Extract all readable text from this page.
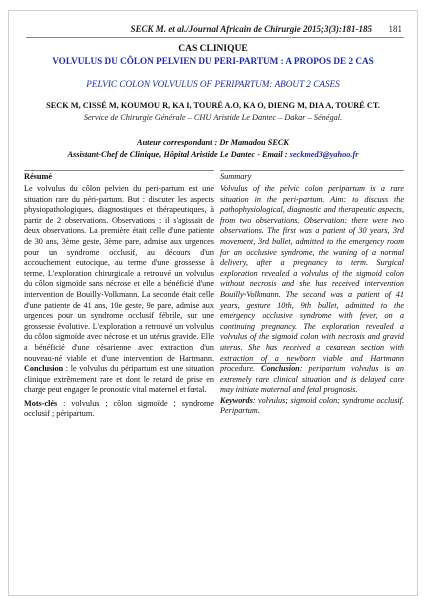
SECK M. et al./Journal Africain de Chirurgie 2015;3(3):181-185 181
CAS CLINIQUE
VOLVULUS DU CÔLON PELVIEN DU PERI-PARTUM : A PROPOS DE 2 CAS
PELVIC COLON VOLVULUS OF PERIPARTUM: ABOUT 2 CASES
SECK M, CISSÉ M, KOUMOU R, KA I, TOURÉ A.O, KA O, DIENG M, DIA A, TOURÉ CT.
Service de Chirurgie Générale – CHU Aristide Le Dantec – Dakar – Sénégal.
Auteur correspondant : Dr Mamadou SECK
Assistant-Chef de Clinique, Hôpital Aristide Le Dantec - Email : seckmed3@yahoo.fr
Résumé	Summary

Le volvulus du côlon pelvien du peri-partum est une situation rare du péri-partum. But : discuter les aspects physiopathologiques, diagnostiques et thérapeutiques, à partir de 2 observations. Observations : il s'agissait de deux observations. La première était celle d'une patiente de 30 ans, 3ème geste, 3ème pare, admise aux urgences pour un syndrome occlusif, au décours d'un accouchement eutocique, au terme d'une grossesse à terme. L'exploration chirurgicale a retrouvé un volvulus du côlon sigmoïde sans nécrose et elle a bénéficié d'une intervention de Bouilly-Volkmann. La seconde était celle d'une patiente de 41 ans, 10e geste, 9e pare, admise aux urgences pour un syndrome occlusif fébrile, sur une grossesse évolutive. L'exploration a retrouvé un volvulus du côlon sigmoïde avec nécrose et un utérus gravide. Elle a bénéficié d'une césarienne avec extraction d'un nouveau-né viable et d'une intervention de Hartmann. Conclusion : le volvulus du péripartum est une situation clinique extrêmement rare et dont le retard de prise en charge peut engager le pronostic vital maternel et fœtal.

Mots-clés : volvulus ; côlon sigmoïde ; syndrome occlusif ; péripartum.

Volvulus of the pelvic colon peripartum is a rare situation in the peri-partum. Aim: to discuss the pathophysiological, diagnostic and therapeutic aspects, from two observations. Observation: there were two observations. The first was a patient of 30 years, 3rd movement, 3rd bullet, admitted to the emergency room for an occlusive syndrome, the waning of a normal delivery, after a pregnancy to term. Surgical exploration revealed a volvulus of the sigmoid colon without necrosis and she has received intervention Bouilly-Volkmann. The second was a patient of 41 years, gesture 10th, 9th bullet, admitted to the emergency occlusive syndrome with fever, on a continuing pregnancy. The exploration revealed a volvulus of the sigmoid colon with necrosis and gravid uterus. She has received a cesarean section with extraction of a newborn viable and Hartmann procedure. Conclusion: peripartum volvulus is an extremely rare clinical situation and is delayed care may initiate maternal and fetal prognosis.

Keywords: volvulus; sigmoid colon; syndrome occlusif. Peripartum.
